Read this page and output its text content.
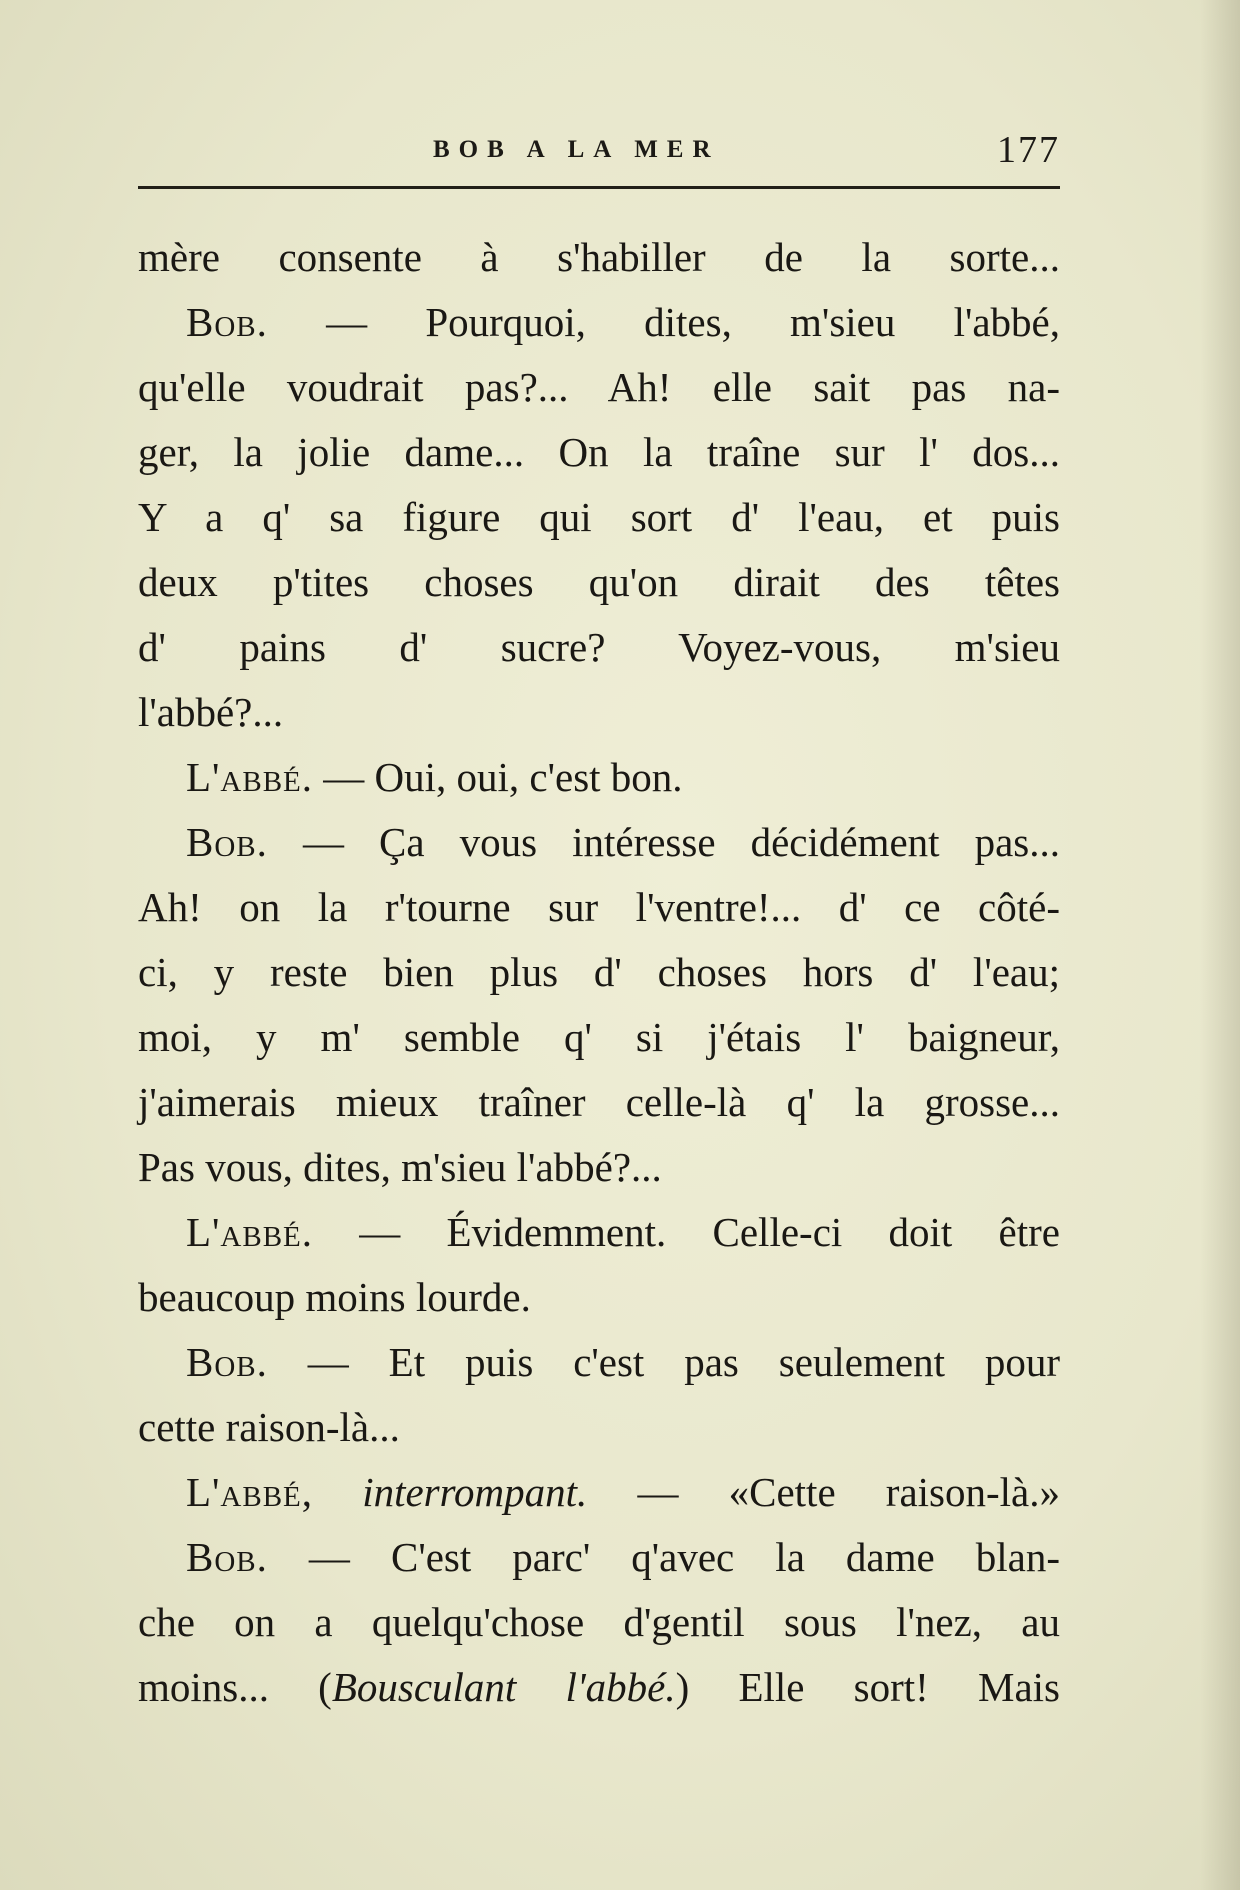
BOB A LA MER	177
mère consente à s'habiller de la sorte...
Bob. — Pourquoi, dites, m'sieu l'abbé,
qu'elle voudrait pas?... Ah! elle sait pas na-
ger, la jolie dame... On la traîne sur l' dos...
Y a q' sa figure qui sort d' l'eau, et puis
deux p'tites choses qu'on dirait des têtes
d' pains d' sucre? Voyez-vous, m'sieu
l'abbé?...
L'abbé. — Oui, oui, c'est bon.
Bob. — Ça vous intéresse décidément pas...
Ah! on la r'tourne sur l'ventre!... d' ce côté-
ci, y reste bien plus d' choses hors d' l'eau;
moi, y m' semble q' si j'étais l' baigneur,
j'aimerais mieux traîner celle-là q' la grosse...
Pas vous, dites, m'sieu l'abbé?...
L'abbé. — Évidemment. Celle-ci doit être
beaucoup moins lourde.
Bob. — Et puis c'est pas seulement pour
cette raison-là...
L'abbé, interrompant. — «Cette raison-là.»
Bob. — C'est parc' q'avec la dame blan-
che on a quelqu'chose d'gentil sous l'nez, au
moins... (Bousculant l'abbé.) Elle sort! Mais
